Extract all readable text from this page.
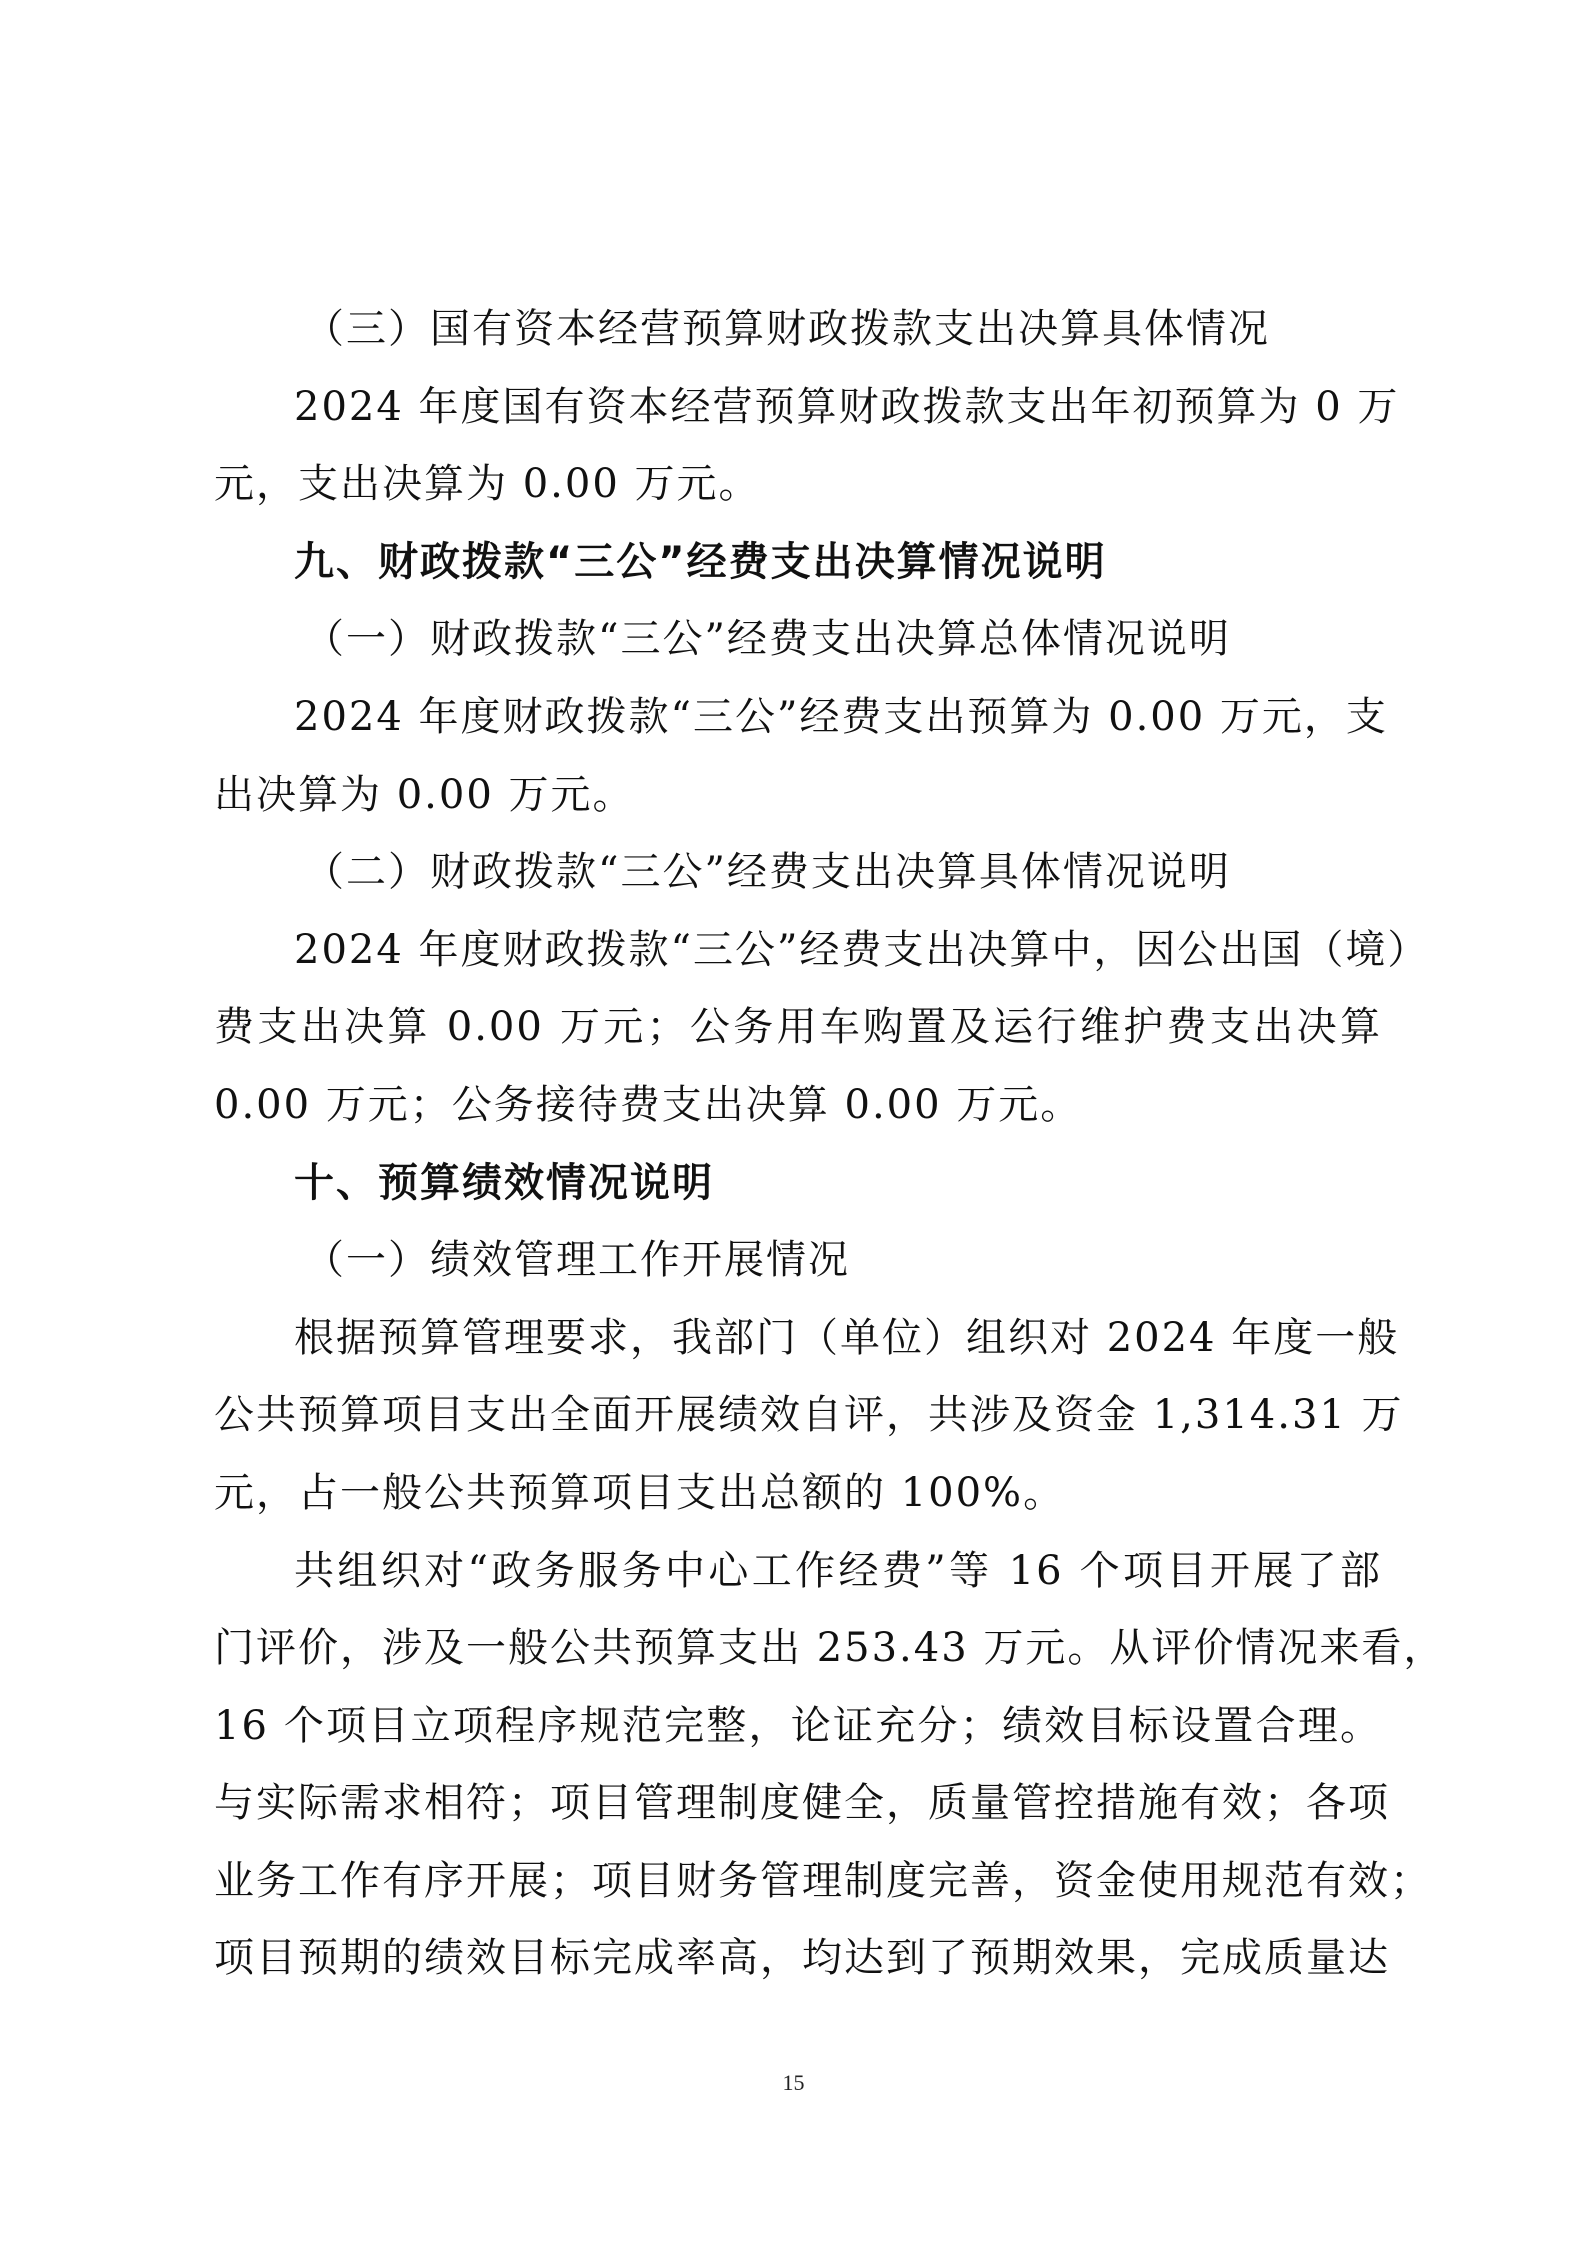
（三）国有资本经营预算财政拨款支出决算具体情况

2024 年度国有资本经营预算财政拨款支出年初预算为 0 万

元，支出决算为 0.00 万元。

九、财政拨款“三公”经费支出决算情况说明

（一）财政拨款“三公”经费支出决算总体情况说明

2024 年度财政拨款“三公”经费支出预算为 0.00 万元，支

出决算为 0.00 万元。

（二）财政拨款“三公”经费支出决算具体情况说明

2024 年度财政拨款“三公”经费支出决算中，因公出国（境）

费支出决算 0.00 万元；公务用车购置及运行维护费支出决算

0.00 万元；公务接待费支出决算 0.00 万元。

十、预算绩效情况说明

（一）绩效管理工作开展情况

根据预算管理要求，我部门（单位）组织对 2024 年度一般

公共预算项目支出全面开展绩效自评，共涉及资金 1,314.31 万

元，占一般公共预算项目支出总额的 100%。

共组织对“政务服务中心工作经费”等 16 个项目开展了部

门评价，涉及一般公共预算支出 253.43 万元。从评价情况来看，

16 个项目立项程序规范完整，论证充分；绩效目标设置合理。

与实际需求相符；项目管理制度健全，质量管控措施有效；各项

业务工作有序开展；项目财务管理制度完善，资金使用规范有效；

项目预期的绩效目标完成率高，均达到了预期效果，完成质量达

15
